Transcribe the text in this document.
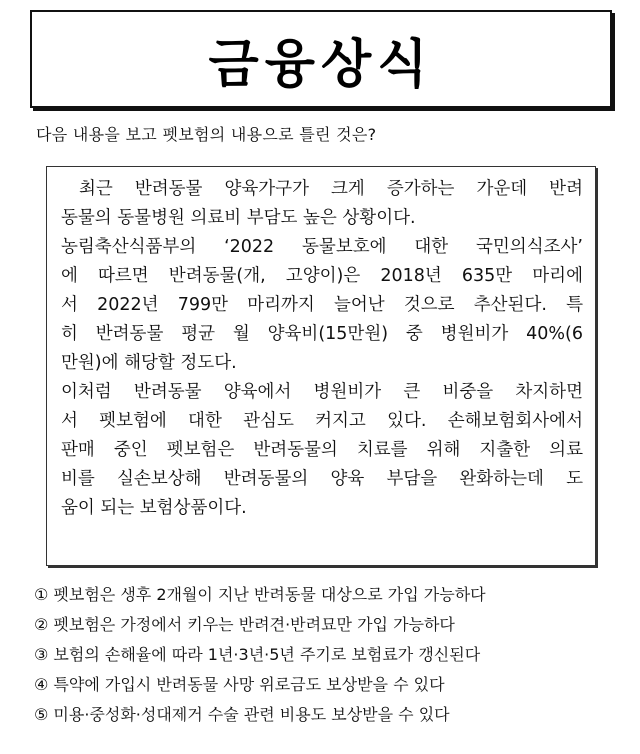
금융상식
다음 내용을 보고 펫보험의 내용으로 틀린 것은?
최근 반려동물 양육가구가 크게 증가하는 가운데 반려
동물의 동물병원 의료비 부담도 높은 상황이다.
농림축산식품부의 ‘2022 동물보호에 대한 국민의식조사’
에 따르면 반려동물(개, 고양이)은 2018년 635만 마리에
서 2022년 799만 마리까지 늘어난 것으로 추산된다. 특
히 반려동물 평균 월 양육비(15만원) 중 병원비가 40%(6
만원)에 해당할 정도다.
이처럼 반려동물 양육에서 병원비가 큰 비중을 차지하면
서 펫보험에 대한 관심도 커지고 있다. 손해보험회사에서
판매 중인 펫보험은 반려동물의 치료를 위해 지출한 의료
비를 실손보상해 반려동물의 양육 부담을 완화하는데 도
움이 되는 보험상품이다.
① 펫보험은 생후 2개월이 지난 반려동물 대상으로 가입 가능하다
② 펫보험은 가정에서 키우는 반려견·반려묘만 가입 가능하다
③ 보험의 손해율에 따라 1년·3년·5년 주기로 보험료가 갱신된다
④ 특약에 가입시 반려동물 사망 위로금도 보상받을 수 있다
⑤ 미용·중성화·성대제거 수술 관련 비용도 보상받을 수 있다
